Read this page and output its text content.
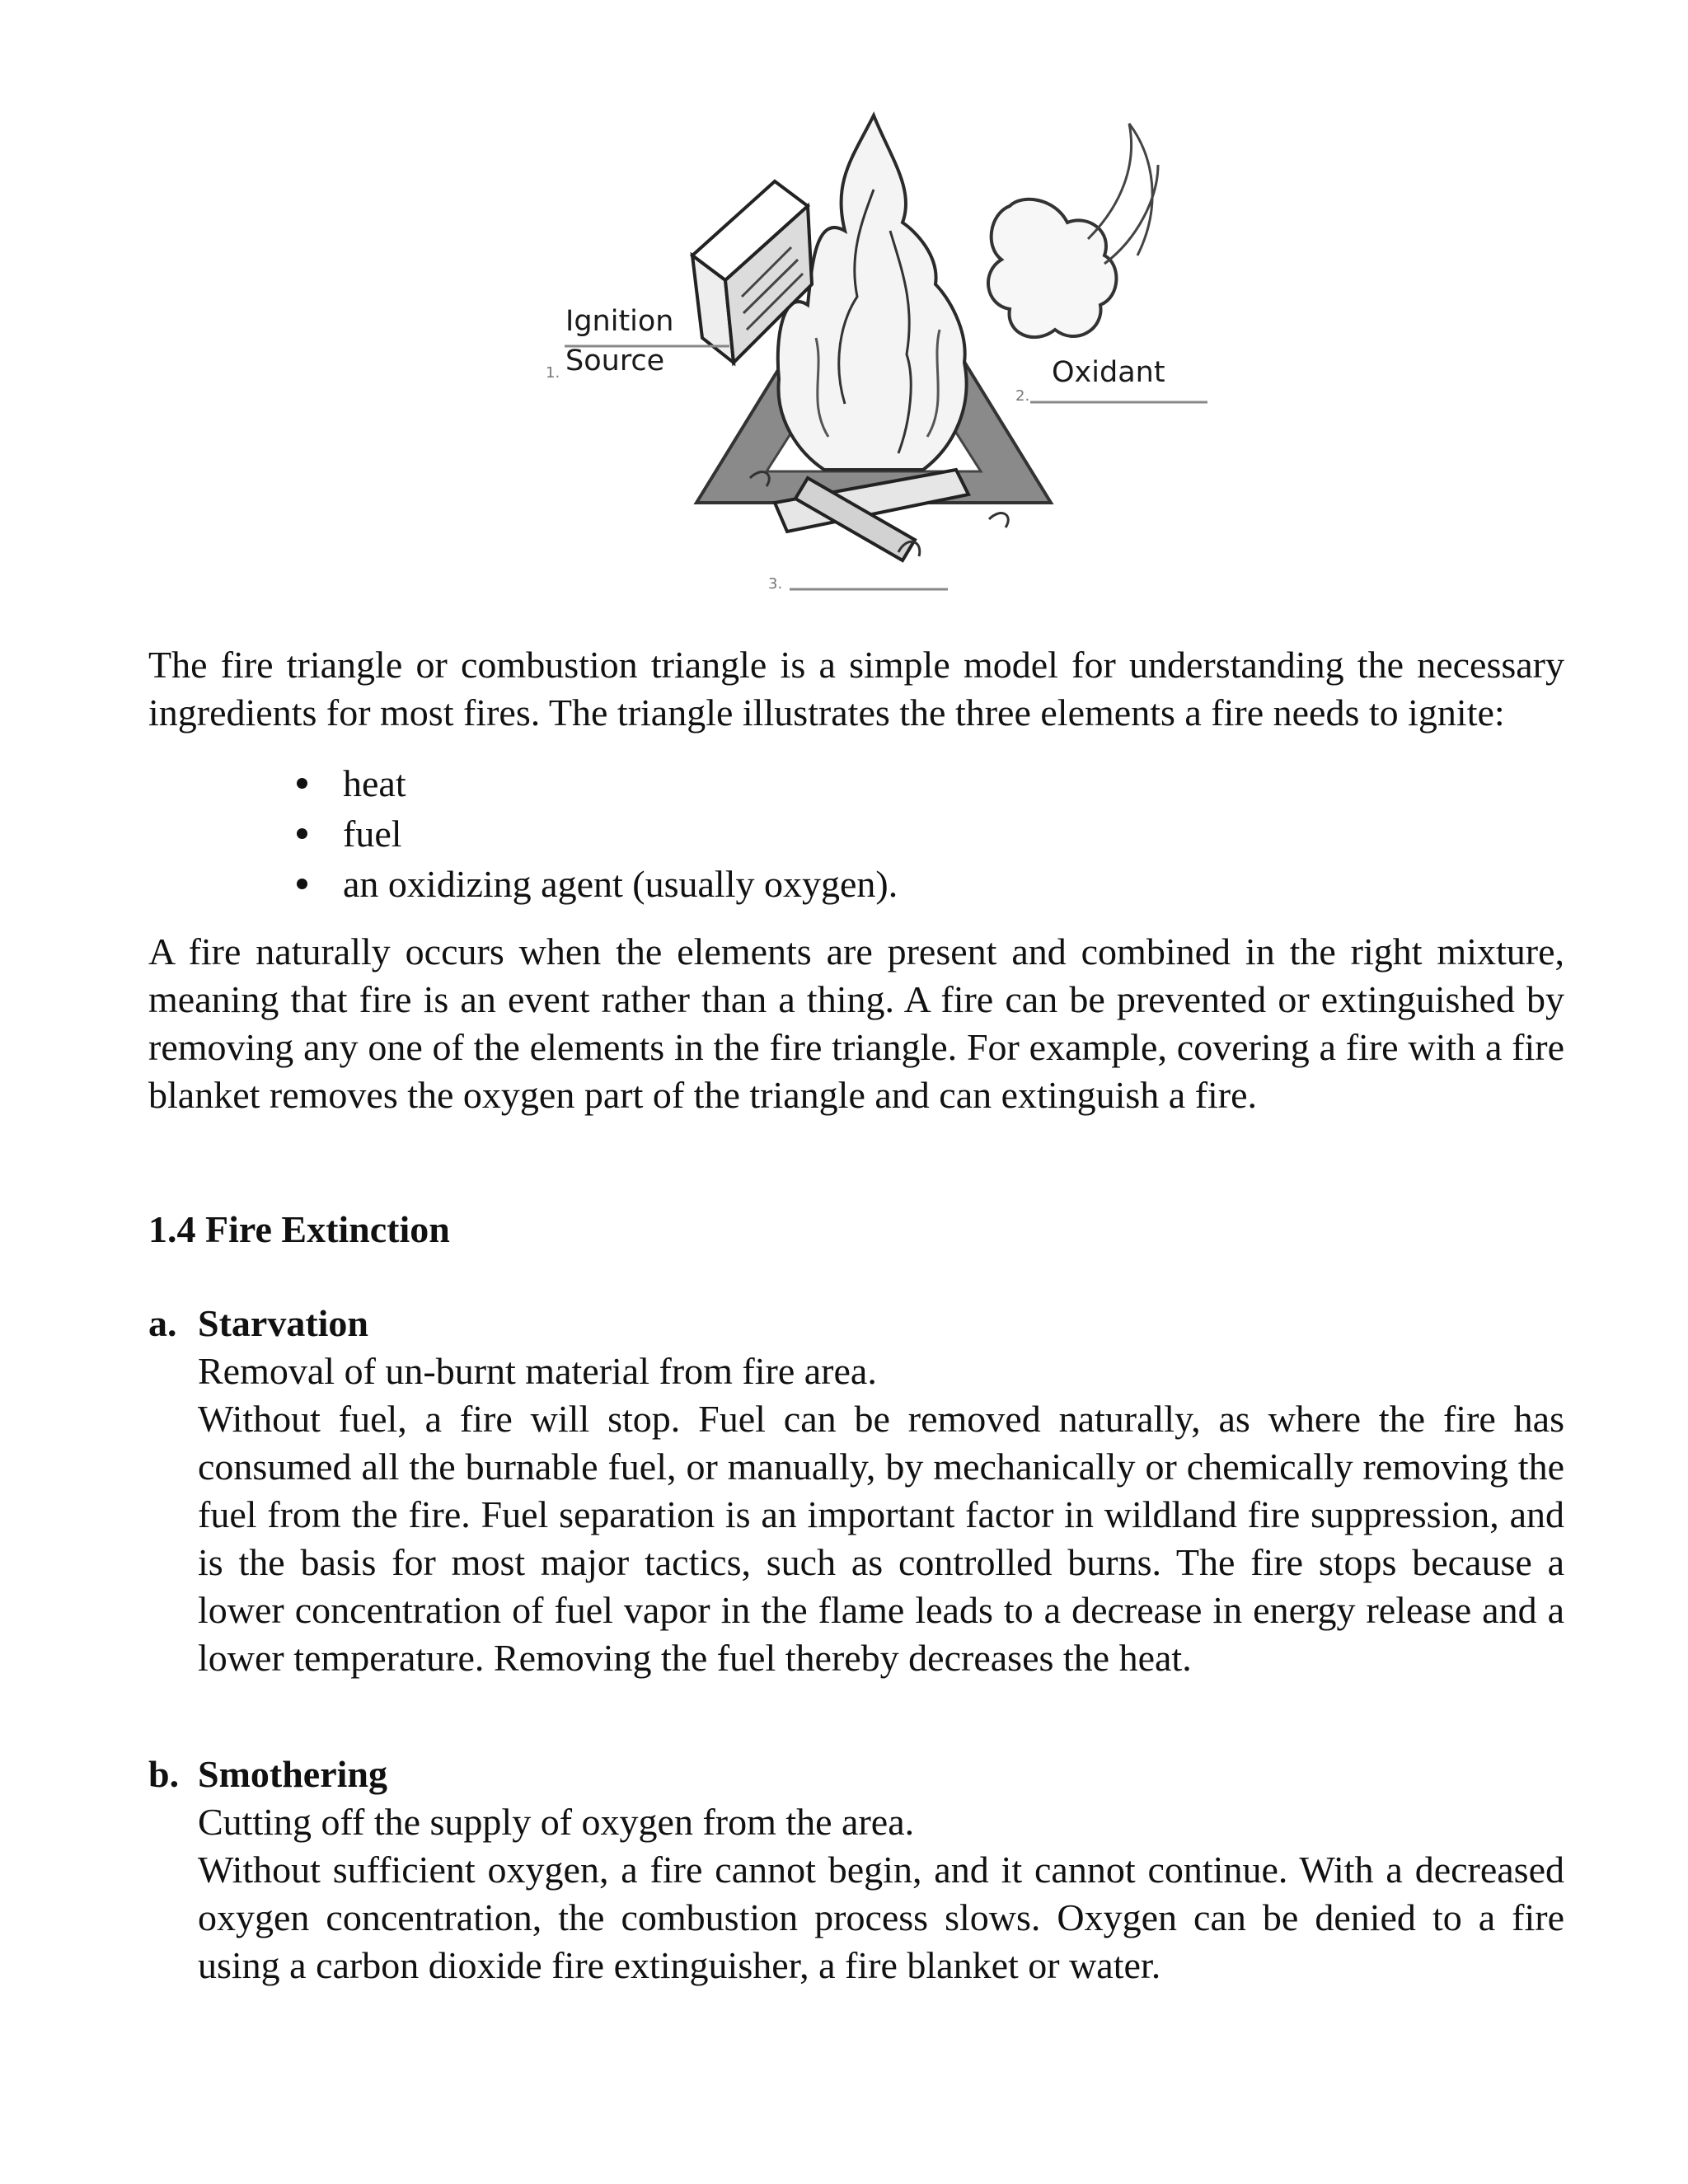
1.
2.
3.
Ignition
Source	Oxidant

The fire triangle or combustion triangle is a simple model for understanding the necessary ingredients for most fires. The triangle illustrates the three elements a fire needs to ignite:

heat
fuel
an oxidizing agent (usually oxygen).

A fire naturally occurs when the elements are present and combined in the right mixture, meaning that fire is an event rather than a thing. A fire can be prevented or extinguished by removing any one of the elements in the fire triangle. For example, covering a fire with a fire blanket removes the oxygen part of the triangle and can extinguish a fire.

1.4 Fire Extinction
a. Starvation

Removal of un-burnt material from fire area.

Without fuel, a fire will stop. Fuel can be removed naturally, as where the fire has consumed all the burnable fuel, or manually, by mechanically or chemically removing the fuel from the fire. Fuel separation is an important factor in wildland fire suppression, and is the basis for most major tactics, such as controlled burns. The fire stops because a lower concentration of fuel vapor in the flame leads to a decrease in energy release and a lower temperature. Removing the fuel thereby decreases the heat.

b. Smothering

Cutting off the supply of oxygen from the area.

Without sufficient oxygen, a fire cannot begin, and it cannot continue. With a decreased oxygen concentration, the combustion process slows. Oxygen can be denied to a fire using a carbon dioxide fire extinguisher, a fire blanket or water.
